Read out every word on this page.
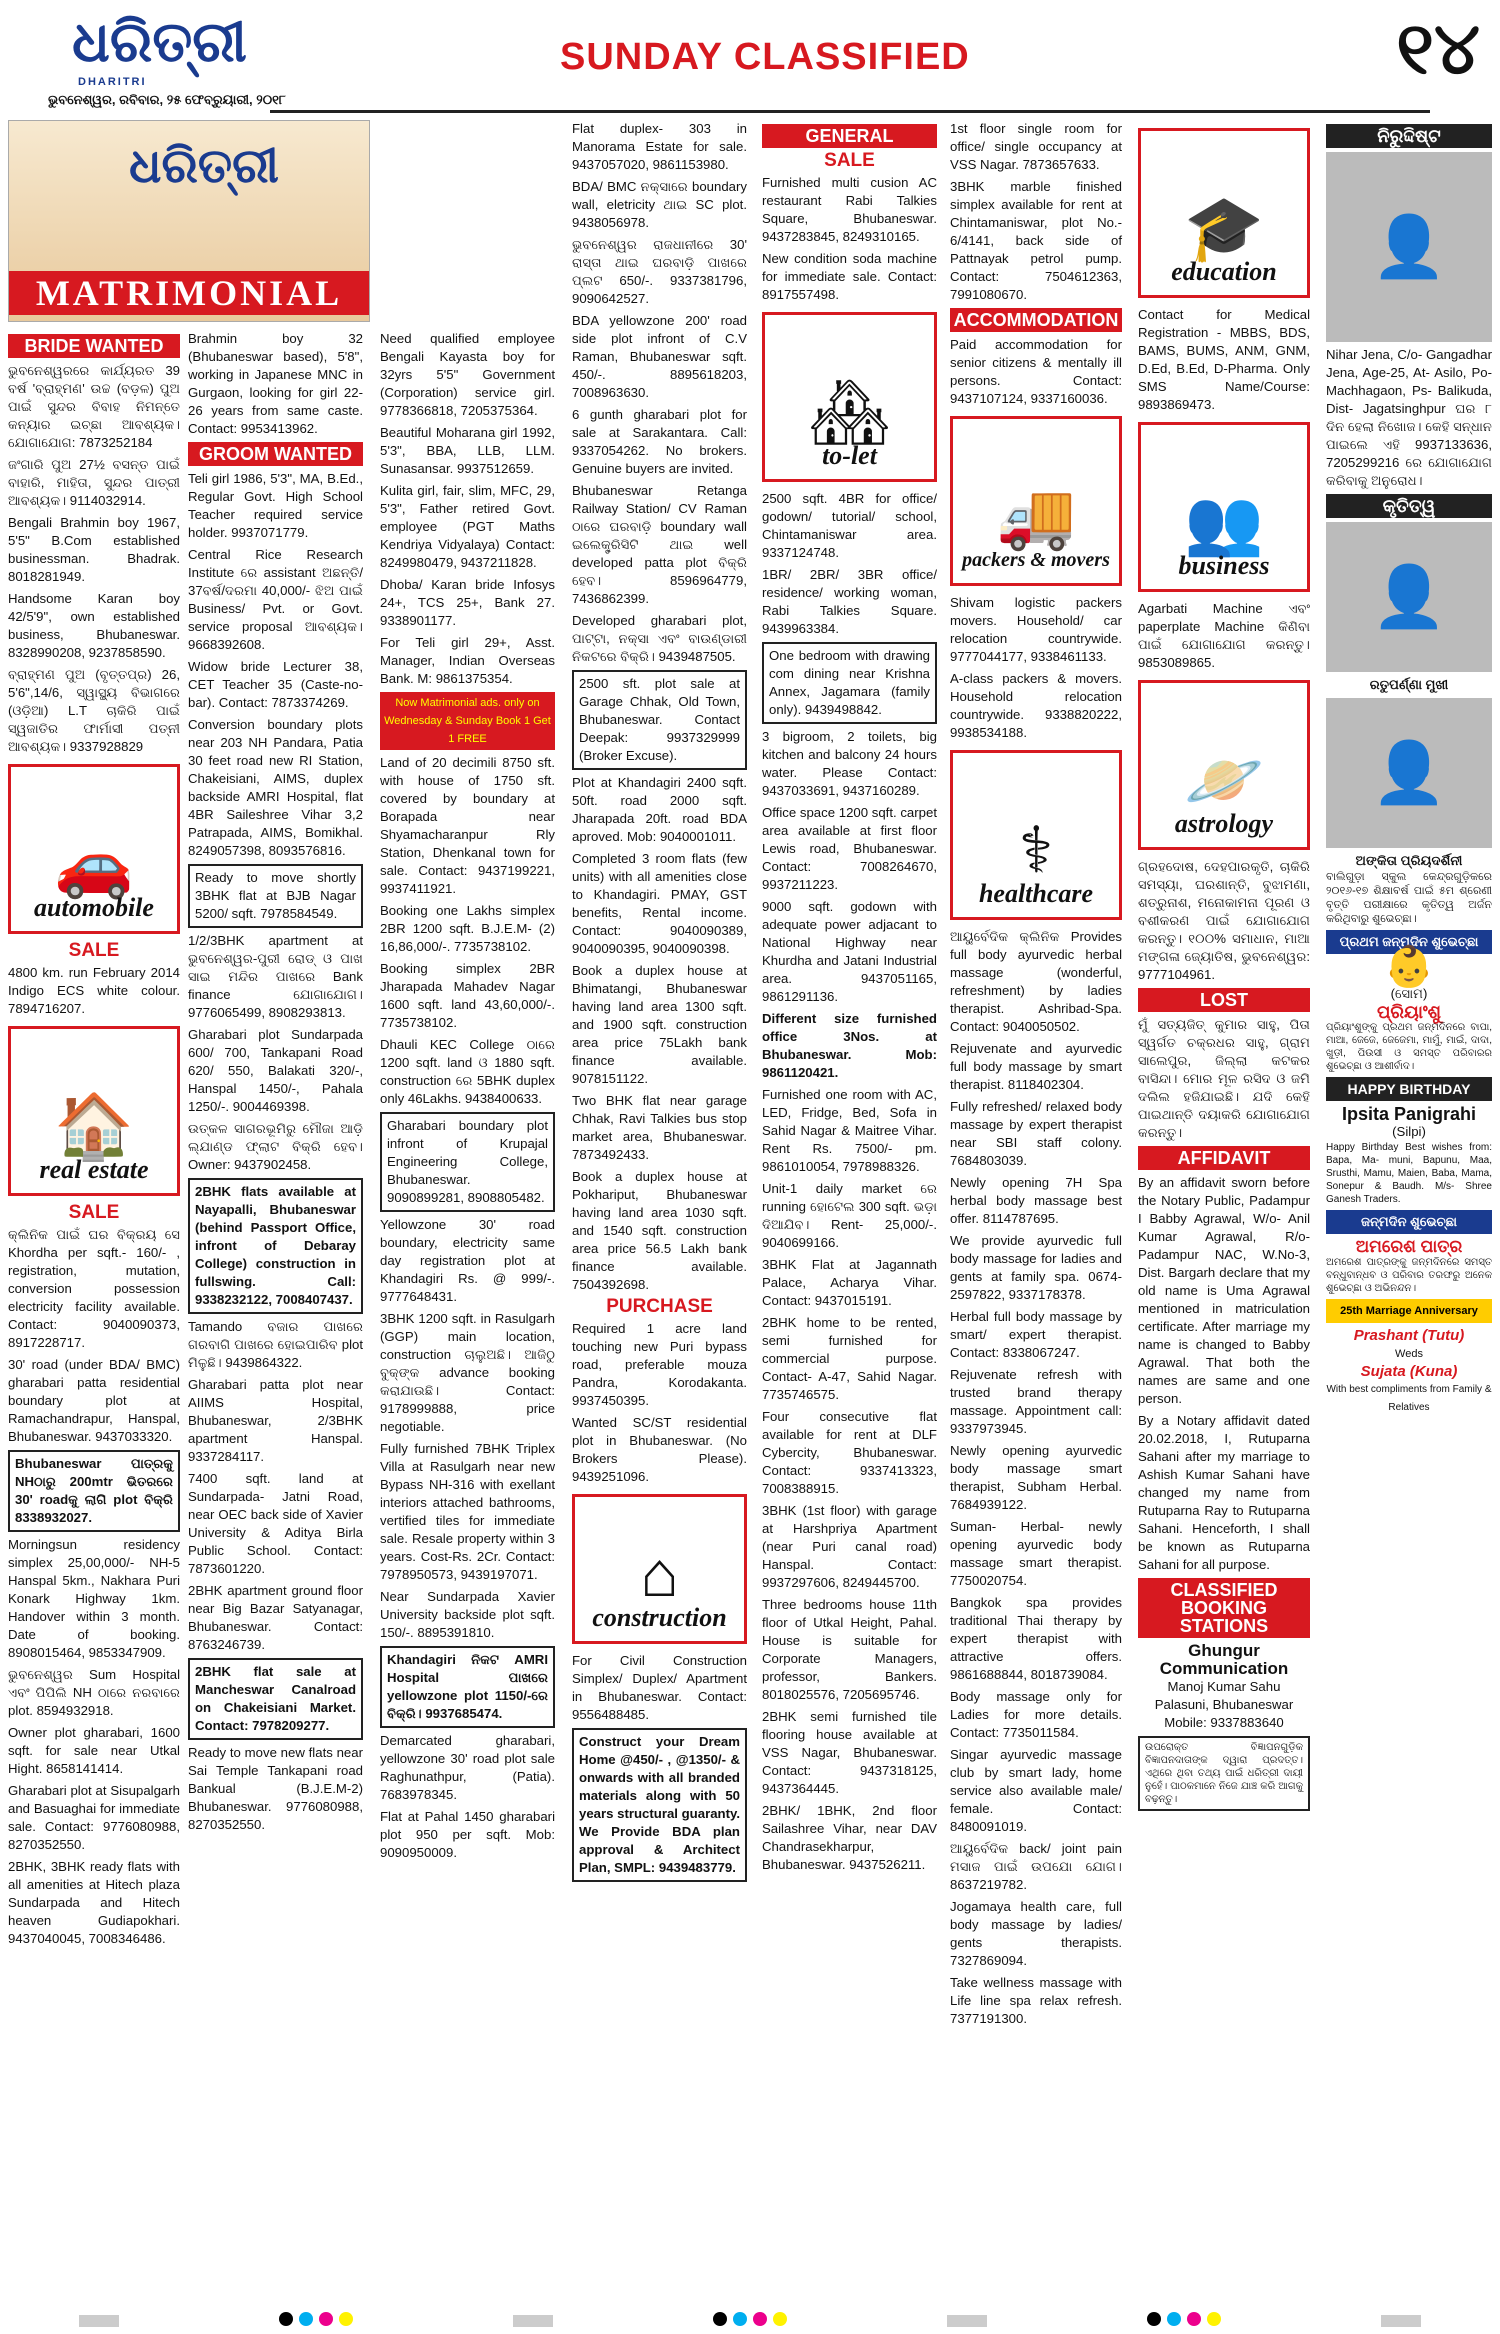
ଧରିତ୍ରୀ
DHARITRI
ଭୁବନେଶ୍ୱର, ରବିବାର, ୨୫ ଫେବ୍ରୁୟାରୀ, ୨୦୧୮
SUNDAY CLASSIFIED	୧୪
ଧରିତ୍ରୀ
MATRIMONIAL
BRIDE WANTED

ଭୁବନେଶ୍ୱରରେ କାର୍ଯ୍ୟରତ 39 ବର୍ଷ 'ବ୍ରାହ୍ମଣ' ଉଚ୍ଚ (ବଡ଼ଳ) ପୁଅ ପାଇଁ ସୁନ୍ଦର ବିବାହ ନିମନ୍ତେ କନ୍ୟାର ଇଚ୍ଛା ଆବଶ୍ୟକ। ଯୋଗାଯୋଗ: 7873252184

ଜଂଗାରି ପୁଅ 27½ ବସନ୍ତ ପାଇଁ ବାହାରି, ମାହିତା, ସୁନ୍ଦର ପାତ୍ରୀ ଆବଶ୍ୟକ। 9114032914.

Bengali Brahmin boy 1967, 5'5" B.Com established businessman. Bhadrak. 8018281949.

Handsome Karan boy 42/5'9", own established business, Bhubaneswar. 8328990208, 9237858590.

ବ୍ରାହ୍ମଣ ପୁଅ (ବୃତ୍ତପ୍ର) 26, 5'6",14/6, ସ୍ୱାସ୍ଥ୍ୟ ବିଭାଗରେ (ଓଡ଼ିଆ) L.T ଚାକିରି ପାଇଁ ସ୍ୱଜାତିର ଫାର୍ମାସୀ ପତ୍ନୀ ଆବଶ୍ୟକ। 9337928829

🚗
automobile
SALE

4800 km. run February 2014 Indigo ECS white colour. 7894716207.

🏠
real estate
SALE

କ୍ଲିନିକ ପାଇଁ ଘର ବିକ୍ରୟ ସେ Khordha per sqft.- 160/- , registration, mutation, conversion possession electricity facility available. Contact: 9040090373, 8917228717.

30' road (under BDA/ BMC) gharabari patta residential boundary plot at Ramachandrapur, Hanspal, Bhubaneswar. 9437033320.

Bhubaneswar ପାତ୍ରକୁ NHଠାରୁ 200mtr ଭିତରରେ 30' roadକୁ ଲାଗି plot ବିକ୍ରି 8338932027.

Morningsun residency simplex 25,00,000/- NH-5 Hanspal 5km., Nakhara Puri Konark Highway 1km. Handover within 3 month. Date of booking. 8908015464, 9853347909.

ଭୁବନେଶ୍ୱର Sum Hospital ଏବଂ ପିପିଲି NH ଠାରେ ନରବାରେ plot. 8594932918.

Owner plot gharabari, 1600 sqft. for sale near Utkal Hight. 8658141414.

Gharabari plot at Sisupalgarh and Basuaghai for immediate sale. Contact: 9776080988, 8270352550.

2BHK, 3BHK ready flats with all amenities at Hitech plaza Sundarpada and Hitech heaven Gudiapokhari. 9437040045, 7008346486.

Brahmin boy 32 (Bhubaneswar based), 5'8", working in Japanese MNC in Gurgaon, looking for girl 22-26 years from same caste. Contact: 9953413962.

GROOM WANTED

Teli girl 1986, 5'3", MA, B.Ed., Regular Govt. High School Teacher required service holder. 9937071779.

Central Rice Research Institute ରେ assistant ଅଛନ୍ତି/ 37ବର୍ଷ/ଦରମା 40,000/- ଝିଅ ପାଇଁ Business/ Pvt. or Govt. service proposal ଆବଶ୍ୟକ। 9668392608.

Widow bride Lecturer 38, CET Teacher 35 (Caste-no-bar). Contact: 7873374269.

Conversion boundary plots near 203 NH Pandara, Patia 30 feet road new RI Station, Chakeisiani, AIMS, duplex backside AMRI Hospital, flat 4BR Saileshree Vihar 3,2 Patrapada, AIMS, Bomikhal. 8249057398, 8093576816.

Ready to move shortly 3BHK flat at BJB Nagar 5200/ sqft. 7978584549.

1/2/3BHK apartment at ଭୁବନେଶ୍ୱର-ପୁରୀ ରୋଡ୍ ଓ ପାଖ ସାଇ ମନ୍ଦିର ପାଖରେ Bank finance ଯୋଗାଯୋଗ। 9776065499, 8908293813.

Gharabari plot Sundarpada 600/ 700, Tankapani Road 620/ 550, Balakati 320/-, Hanspal 1450/-, Pahala 1250/-. 9004469398.

ଉତ୍କଳ ସାଗରଭୂମିରୁ ମୌଜା ଆଡ଼ି ଲ୍ଯାଣ୍ଡ ଫ୍ଲାଟ ବିକ୍ରି ହେବ। Owner: 9437902458.

2BHK flats available at Nayapalli, Bhubaneswar (behind Passport Office, infront of Debaray College) construction in fullswing. Call: 9338232122, 7008407437.

Tamando ବଜାର ପାଖରେ ଗରବାଗି ପାଖରେ ହୋଇପାରିବ plot ମିଳୁଛି। 9439864322.

Gharabari patta plot near AIIMS Hospital, Bhubaneswar, 2/3BHK apartment Hanspal. 9337284117.

7400 sqft. land at Sundarpada- Jatni Road, near OEC back side of Xavier University & Aditya Birla Public School. Contact: 7873601220.

2BHK apartment ground floor near Big Bazar Satyanagar, Bhubaneswar. Contact: 8763246739.

2BHK flat sale at Mancheswar Canalroad on Chakeisiani Market. Contact: 7978209277.

Ready to move new flats near Sai Temple Tankapani road Bankual (B.J.E.M-2) Bhubaneswar. 9776080988, 8270352550.

Need qualified employee Bengali Kayasta boy for 32yrs 5'5" Government (Corporation) service girl. 9778366818, 7205375364.

Beautiful Moharana girl 1992, 5'3", BBA, LLB, LLM. Sunasansar. 9937512659.

Kulita girl, fair, slim, MFC, 29, 5'3", Father retired Govt. employee (PGT Maths Kendriya Vidyalaya) Contact: 8249980479, 9437211828.

Dhoba/ Karan bride Infosys 24+, TCS 25+, Bank 27. 9338901177.

For Teli girl 29+, Asst. Manager, Indian Overseas Bank. M: 9861375354.

Now Matrimonial ads. only on Wednesday & Sunday Book 1 Get 1 FREE

Land of 20 decimili 8750 sft. with house of 1750 sft. covered by boundary at Borapada near Shyamacharanpur Rly Station, Dhenkanal town for sale. Contact: 9437199221, 9937411921.

Booking one Lakhs simplex 2BR 1200 sqft. B.J.E.M- (2) 16,86,000/-. 7735738102.

Booking simplex 2BR Jharapada Mahadev Nagar 1600 sqft. land 43,60,000/-. 7735738102.

Dhauli KEC College ଠାରେ 1200 sqft. land ଓ 1880 sqft. construction ରେ 5BHK duplex only 46Lakhs. 9438400633.

Gharabari boundary plot infront of Krupajal Engineering College, Bhubaneswar. 9090899281, 8908805482.

Yellowzone 30' road boundary, electricity same day registration plot at Khandagiri Rs. @ 999/-. 9777648431.

3BHK 1200 sqft. in Rasulgarh (GGP) main location, construction ଚାଲୁଅଛି। ଆଜିଠୁ ବୁକ୍ଙ୍କ advance booking କରାଯାଉଛି। Contact: 9178999888, price negotiable.

Fully furnished 7BHK Triplex Villa at Rasulgarh near new Bypass NH-316 with exellant interiors attached bathrooms, vertified tiles for immediate sale. Resale property within 3 years. Cost-Rs. 2Cr. Contact: 7978950573, 9439197071.

Near Sundarpada Xavier University backside plot sqft. 150/-. 8895391810.

Khandagiri ନିକଟ AMRI Hospital ପାଖରେ yellowzone plot 1150/-ରେ ବିକ୍ରି। 9937685474.

Demarcated gharabari, yellowzone 30' road plot sale Raghunathpur, (Patia). 7683978345.

Flat at Pahal 1450 gharabari plot 950 per sqft. Mob: 9090950009.

Flat duplex- 303 in Manorama Estate for sale. 9437057020, 9861153980.

BDA/ BMC ନକ୍ସାରେ boundary wall, eletricity ଥାଇ SC plot. 9438056978.

ଭୁବନେଶ୍ୱର ରାଜଧାନୀରେ 30' ରାସ୍ତା ଥାଇ ଘରବାଡ଼ି ପାଖରେ ପ୍ଲଟ 650/-. 9337381796, 9090642527.

BDA yellowzone 200' road side plot infront of C.V Raman, Bhubaneswar sqft. 450/-. 8895618203, 7008963630.

6 gunth gharabari plot for sale at Sarakantara. Call: 9337054262. No brokers. Genuine buyers are invited.

Bhubaneswar Retanga Railway Station/ CV Raman ଠାରେ ଘରବାଡ଼ି boundary wall ଇଲେକ୍ଟ୍ରିସିଟି ଥାଇ well developed patta plot ବିକ୍ରି ହେବ। 8596964779, 7436862399.

Developed gharabari plot, ପାଟ୍ଟା, ନକ୍ସା ଏବଂ ବାଉଣ୍ଡାରୀ ନିକଟରେ ବିକ୍ରି। 9439487505.

2500 sft. plot sale at Garage Chhak, Old Town, Bhubaneswar. Contact Deepak: 9937329999 (Broker Excuse).

Plot at Khandagiri 2400 sqft. 50ft. road 2000 sqft. Jharapada 20ft. road BDA aproved. Mob: 9040001011.

Completed 3 room flats (few units) with all amenities close to Khandagiri. PMAY, GST benefits, Rental income. Contact: 9040090389, 9040090395, 9040090398.

Book a duplex house at Bhimatangi, Bhubaneswar having land area 1300 sqft. and 1900 sqft. construction area price 75Lakh bank finance available. 9078151122.

Two BHK flat near garage Chhak, Ravi Talkies bus stop market area, Bhubaneswar. 7873492433.

Book a duplex house at Pokhariput, Bhubaneswar having land area 1030 sqft. and 1540 sqft. construction area price 56.5 Lakh bank finance available. 7504392698.

PURCHASE

Required 1 acre land touching new Puri bypass road, preferable mouza Pandra, Korodakanta. 9937450395.

Wanted SC/ST residential plot in Bhubaneswar. (No Brokers Please). 9439251096.

⌂
construction

For Civil Construction Simplex/ Duplex/ Apartment in Bhubaneswar. Contact: 9556488485.

Construct your Dream Home @450/- , @1350/- & onwards with all branded materials along with 50 years structural guaranty. We Provide BDA plan approval & Architect Plan, SMPL: 9439483779.
GENERAL
SALE

Furnished multi cusion AC restaurant Rabi Talkies Square, Bhubaneswar. 9437283845, 8249310165.

New condition soda machine for immediate sale. Contact: 8917557498.

🏘
to-let

2500 sqft. 4BR for office/ godown/ tutorial/ school, Chintamaniswar area. 9337124748.

1BR/ 2BR/ 3BR office/ residence/ working woman, Rabi Talkies Square. 9439963384.

One bedroom with drawing com dining near Krishna Annex, Jagamara (family only). 9439498842.

3 bigroom, 2 toilets, big kitchen and balcony 24 hours water. Please Contact: 9437033691, 9437160289.

Office space 1200 sqft. carpet area available at first floor Lewis road, Bhubaneswar. Contact: 7008264670, 9937211223.

9000 sqft. godown with adequate power adjacant to National Highway near Khurdha and Jatani Industrial area. 9437051165, 9861291136.

Different size furnished office 3Nos. at Bhubaneswar. Mob: 9861120421.

Furnished one room with AC, LED, Fridge, Bed, Sofa in Sahid Nagar & Maitree Vihar. Rent Rs. 7500/- pm. 9861010054, 7978988326.

Unit-1 daily market ରେ running ହୋଟେଲ 300 sqft. ଭଡ଼ା ଦିଆଯିବ। Rent- 25,000/-. 9040699166.

3BHK Flat at Jagannath Palace, Acharya Vihar. Contact: 9437015191.

2BHK home to be rented, semi furnished for commercial purpose. Contact- A-47, Sahid Nagar. 7735746575.

Four consecutive flat available for rent at DLF Cybercity, Bhubaneswar. Contact: 9337413323, 7008388915.

3BHK (1st floor) with garage at Harshpriya Apartment (near Puri canal road) Hanspal. Contact: 9937297606, 8249445700.

Three bedrooms house 11th floor of Utkal Height, Pahal. House is suitable for Corporate Managers, professor, Bankers. 8018025576, 7205695746.

2BHK semi furnished tile flooring house available at VSS Nagar, Bhubaneswar. Contact: 9437318125, 9437364445.

2BHK/ 1BHK, 2nd floor Sailashree Vihar, near DAV Chandrasekharpur, Bhubaneswar. 9437526211.

1st floor single room for office/ single occupancy at VSS Nagar. 7873657633.

3BHK marble finished simplex available for rent at Chintamaniswar, plot No.- 6/4141, back side of Pattnayak petrol pump. Contact: 7504612363, 7991080670.

ACCOMMODATION

Paid accommodation for senior citizens & mentally ill persons. Contact: 9437107124, 9337160036.

🚚
packers & movers

Shivam logistic packers movers. Household/ car relocation countrywide. 9777044177, 9338461133.

A-class packers & movers. Household relocation countrywide. 9338820222, 9938534188.

⚕
healthcare

ଆୟୁର୍ବେଦିକ କ୍ଲିନିକ Provides full body ayurvedic herbal massage (wonderful, refreshment) by ladies therapist. Ashribad-Spa. Contact: 9040050502.

Rejuvenate and ayurvedic full body massage by smart therapist. 8118402304.

Fully refreshed/ relaxed body massage by expert therapist near SBI staff colony. 7684803039.

Newly opening 7H Spa herbal body massage best offer. 8114787695.

We provide ayurvedic full body massage for ladies and gents at family spa. 0674-2597822, 9337178378.

Herbal full body massage by smart/ expert therapist. Contact: 8338067247.

Rejuvenate refresh with trusted brand therapy massage. Appointment call: 9337973945.

Newly opening ayurvedic body massage smart therapist, Subham Herbal. 7684939122.

Suman- Herbal- newly opening ayurvedic body massage smart therapist. 7750020754.

Bangkok spa provides traditional Thai therapy by expert therapist with attractive offers. 9861688844, 8018739084.

Body massage only for Ladies for more details. Contact: 7735011584.

Singar ayurvedic massage club by smart lady, home service also available male/ female. Contact: 8480091019.

ଆୟୁର୍ବେଦିକ back/ joint pain ମସାଜ ପାଇଁ ଉପଯୋ ଯୋଗ। 8637219782.

Jogamaya health care, full body massage by ladies/ gents therapists. 7327869094.

Take wellness massage with Life line spa relax refresh. 7377191300.

🎓
education

Contact for Medical Registration - MBBS, BDS, BAMS, BUMS, ANM, GNM, D.Ed, B.Ed, D-Pharma. Only SMS Name/Course: 9893869473.

👥
business

Agarbati Machine ଏବଂ paperplate Machine କିଣିବା ପାଇଁ ଯୋଗାଯୋଗ କରନ୍ତୁ। 9853089865.

🪐
astrology

ଗ୍ରହଦୋଷ, ଦେହପାରକୃତି, ଚାକିରି ସମସ୍ୟା, ଘରଶାନ୍ତି, ବୁଝାମଣା, ଶତ୍ରୁନାଶ, ମନୋକାମନା ପୂରଣ ଓ ବଶୀକରଣ ପାଇଁ ଯୋଗାଯୋଗ କରନ୍ତୁ। ୧୦୦% ସମାଧାନ, ମାଆ ମଙ୍ଗଳା ଜ୍ୟୋତିଷ, ଭୁବନେଶ୍ୱର: 9777104961.

LOST

ମୁଁ ସତ୍ୟଜିତ୍ କୁମାର ସାହୁ, ପିତା ସ୍ୱର୍ଗତ ଚକ୍ରଧର ସାହୁ, ଗ୍ରାମ ସାଲେପୁର, ଜିଲ୍ଲା କଟକର ବାସିନ୍ଦା। ମୋର ମୂଳ ରସିଦ ଓ ଜମି ଦଲିଲ ହଜିଯାଇଛି। ଯଦି କେହି ପାଇଥାନ୍ତି ଦୟାକରି ଯୋଗାଯୋଗ କରନ୍ତୁ।

AFFIDAVIT

By an affidavit sworn before the Notary Public, Padampur I Babby Agrawal, W/o- Anil Kumar Agrawal, R/o- Padampur NAC, W.No-3, Dist. Bargarh declare that my old name is Uma Agrawal mentioned in matriculation certificate. After marriage my name is changed to Babby Agrawal. That both the names are same and one person.

By a Notary affidavit dated 20.02.2018, I, Rutuparna Sahani after my marriage to Ashish Kumar Sahani have changed my name from Rutuparna Ray to Rutuparna Sahani. Henceforth, I shall be known as Rutuparna Sahani for all purpose.

CLASSIFIED BOOKING STATIONS
Ghungur Communication
Manoj Kumar Sahu
Palasuni, Bhubaneswar
Mobile: 9337883640
ଉପରୋକ୍ତ ବିଜ୍ଞାପନଗୁଡ଼ିକ ବିଜ୍ଞାପନଦାତାଙ୍କ ଦ୍ୱାରା ପ୍ରଦତ୍ତ। ଏଥିରେ ଥିବା ତଥ୍ୟ ପାଇଁ ଧରିତ୍ରୀ ଦାୟୀ ନୁହେଁ। ପାଠକମାନେ ନିଜେ ଯାଞ୍ଚ କରି ଆଗକୁ ବଢ଼ନ୍ତୁ।
ନିରୁଦ୍ଦିଷ୍ଟ
👤

Nihar Jena, C/o- Gangadhar Jena, Age-25, At- Asilo, Po- Machhagaon, Ps- Balikuda, Dist- Jagatsinghpur ଘର ୮ ଦିନ ହେଲା ନିଖୋଜ। କେହି ସନ୍ଧାନ ପାଇଲେ ଏହି 9937133636, 7205299216 ରେ ଯୋଗାଯୋଗ କରିବାକୁ ଅନୁରୋଧ।

କୃତିତ୍ୱ
👤
ରତୁପର୍ଣ୍ଣା ମୁଖୀ
👤
ଅଙ୍କିତା ପ୍ରିୟଦର୍ଶିନୀ

ବାଲିଗୁଡ଼ା ସ୍କୁଲ କେନ୍ଦ୍ରଗୁଡ଼ିକରେ ୨୦୧୬-୧୭ ଶିକ୍ଷାବର୍ଷ ପାଇଁ ୫ମ ଶ୍ରେଣୀ ବୃତ୍ତି ପରୀକ୍ଷାରେ କୃତିତ୍ୱ ଅର୍ଜନ କରିଥିବାରୁ ଶୁଭେଚ୍ଛା।

ପ୍ରଥମ ଜନ୍ମଦିନ ଶୁଭେଚ୍ଛା
👶
(ସୋମ)
ପ୍ରିୟାଂଶୁ

ପ୍ରିୟାଂଶୁଙ୍କୁ ପ୍ରଥମ ଜନ୍ମଦିନରେ ବାପା, ମାଆ, ଜେଜେ, ଜେଜେମା, ମାମୁଁ, ମାଇଁ, ଦାଦା, ଖୁଡ଼ୀ, ପିଉସୀ ଓ ସମସ୍ତ ପରିବାରର ଶୁଭେଚ୍ଛା ଓ ଆଶୀର୍ବାଦ।

HAPPY BIRTHDAY
Ipsita Panigrahi
(Silpi)

Happy Birthday Best wishes from: Bapa, Ma- muni, Bapunu, Maa, Srusthi, Mamu, Maien, Baba, Mama, Sonepur & Baudh. M/s- Shree Ganesh Traders.

ଜନ୍ମଦିନ ଶୁଭେଚ୍ଛା
ଅମରେଶ ପାତ୍ର

ଅମରେଶ ପାତ୍ରଙ୍କୁ ଜନ୍ମଦିନରେ ସମସ୍ତ ବନ୍ଧୁବାନ୍ଧବ ଓ ପରିବାର ତରଫରୁ ଅନେକ ଶୁଭେଚ୍ଛା ଓ ଅଭିନନ୍ଦନ।

25th Marriage Anniversary
Prashant (Tutu)
Weds
Sujata (Kuna)
With best compliments from Family & Relatives
